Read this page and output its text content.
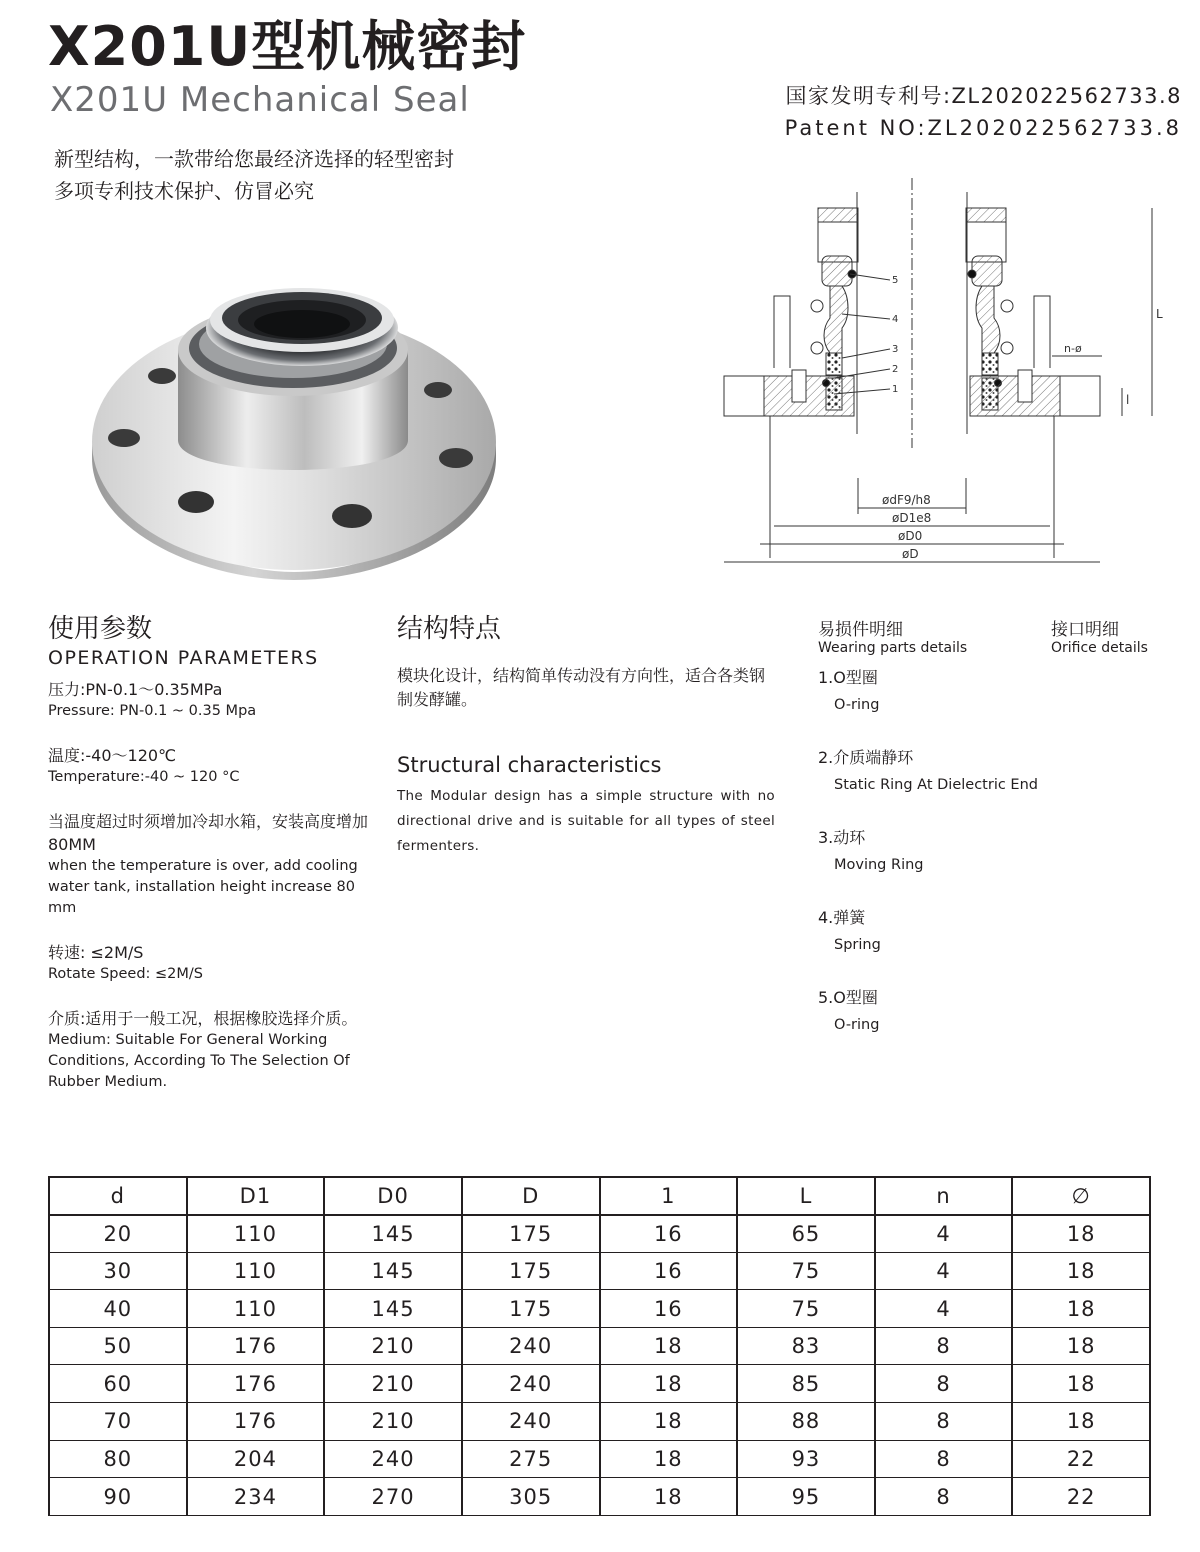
X201U型机械密封
X201U Mechanical Seal	国家发明专利号:ZL202022562733.8
Patent NO:ZL202022562733.8
新型结构，一款带给您最经济选择的轻型密封
多项专利技术保护、仿冒必究
5
4
3
2
1
L
l
n-ø
ødF9/h8
øD1e8
øD0
øD
使用参数
OPERATION PARAMETERS
压力:PN-0.1～0.35MPa
Pressure: PN-0.1 ~ 0.35 Mpa
温度:-40～120℃
Temperature:-40 ~ 120 °C
当温度超过时须增加冷却水箱，安装高度增加80MM
when the temperature is over, add cooling water tank, installation height increase 80 mm
转速: ≤2M/S
Rotate Speed: ≤2M/S
介质:适用于一般工况，根据橡胶选择介质。
Medium: Suitable For General Working Conditions, According To The Selection Of Rubber Medium.
结构特点
模块化设计，结构简单传动没有方向性，适合各类钢制发酵罐。
Structural characteristics
The Modular design has a simple structure with no directional drive and is suitable for all types of steel fermenters.
易损件明细
Wearing parts details
接口明细
Orifice details
1.O型圈
O-ring
2.介质端静环
Static Ring At Dielectric End
3.动环
Moving Ring
4.弹簧
Spring
5.O型圈
O-ring
d	D1	D0	D	1	L	n	∅
20	110	145	175	16	65	4	18
30	110	145	175	16	75	4	18
40	110	145	175	16	75	4	18
50	176	210	240	18	83	8	18
60	176	210	240	18	85	8	18
70	176	210	240	18	88	8	18
80	204	240	275	18	93	8	22
90	234	270	305	18	95	8	22
